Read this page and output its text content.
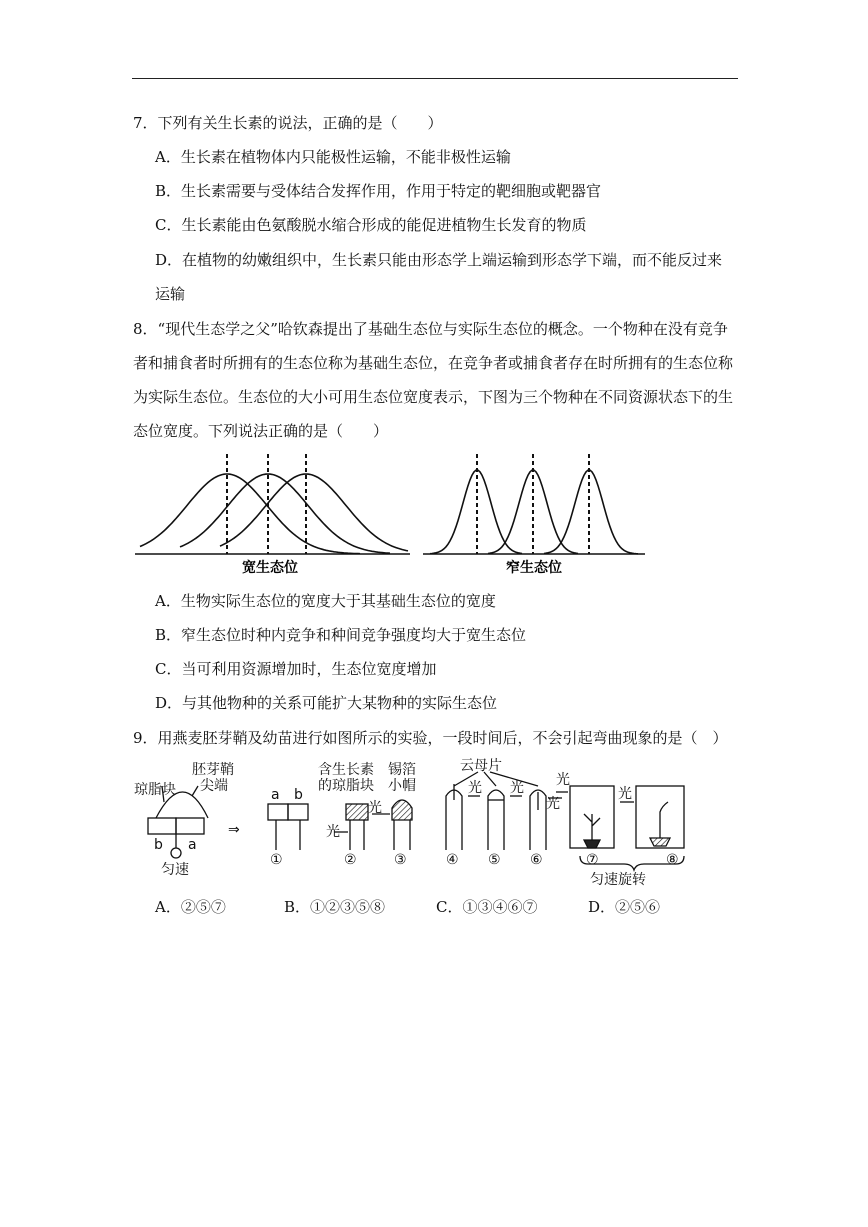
7．下列有关生长素的说法，正确的是（　　）
A．生长素在植物体内只能极性运输，不能非极性运输
B．生长素需要与受体结合发挥作用，作用于特定的靶细胞或靶器官
C．生长素能由色氨酸脱水缩合形成的能促进植物生长发育的物质
D．在植物的幼嫩组织中，生长素只能由形态学上端运输到形态学下端，而不能反过来
运输
8．“现代生态学之父”哈钦森提出了基础生态位与实际生态位的概念。一个物种在没有竞争
者和捕食者时所拥有的生态位称为基础生态位，在竞争者或捕食者存在时所拥有的生态位称
为实际生态位。生态位的大小可用生态位宽度表示，下图为三个物种在不同资源状态下的生
态位宽度。下列说法正确的是（　　）
宽生态位	窄生态位
A．生物实际生态位的宽度大于其基础生态位的宽度
B．窄生态位时种内竞争和种间竞争强度均大于宽生态位
C．当可利用资源增加时，生态位宽度增加
D．与其他物种的关系可能扩大某物种的实际生态位
9．用燕麦胚芽鞘及幼苗进行如图所示的实验，一段时间后，不会引起弯曲现象的是（　）
琼脂块
胚芽鞘
尖端
b a
匀速
⇒
a b
含生长素
的琼脂块
锡箔
小帽
光
光
云母片
光 光
光
光
光
①	②	③	④ ⑤ ⑥	⑦	⑧
匀速旋转
A．②⑤⑦	B．①②③⑤⑧	C．①③④⑥⑦	D．②⑤⑥
